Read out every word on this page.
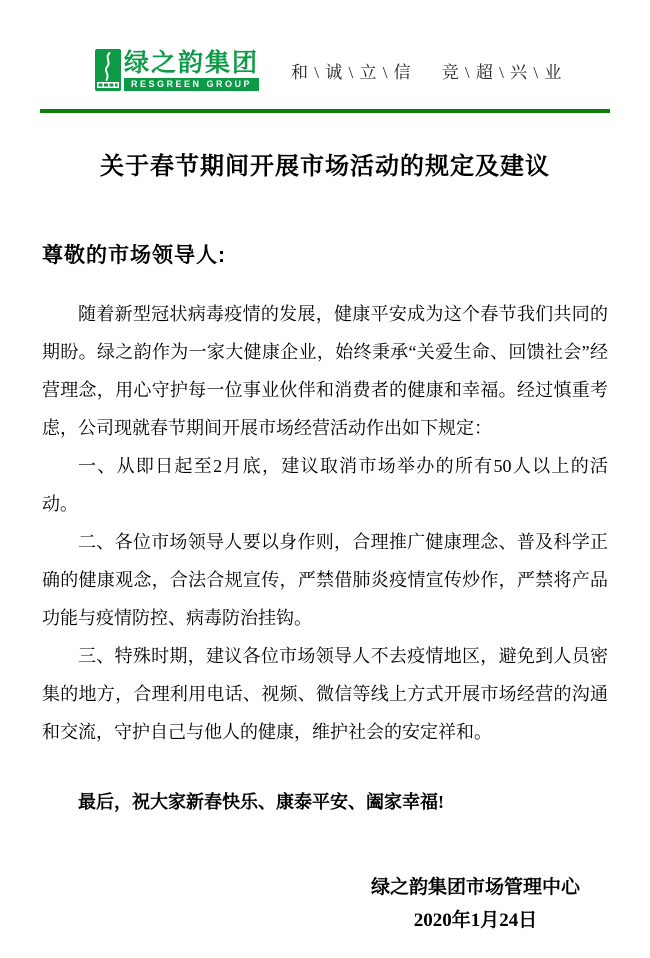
绿之韵集团
RESGREEN GROUP
和 \ 诚 \ 立 \ 信 竞 \ 超 \ 兴 \ 业
关于春节期间开展市场活动的规定及建议
尊敬的市场领导人:

随着新型冠状病毒疫情的发展，健康平安成为这个春节我们共同的期盼。绿之韵作为一家大健康企业，始终秉承“关爱生命、回馈社会”经营理念，用心守护每一位事业伙伴和消费者的健康和幸福。经过慎重考虑，公司现就春节期间开展市场经营活动作出如下规定：

一、从即日起至2月底，建议取消市场举办的所有50人以上的活动。

二、各位市场领导人要以身作则，合理推广健康理念、普及科学正确的健康观念，合法合规宣传，严禁借肺炎疫情宣传炒作，严禁将产品功能与疫情防控、病毒防治挂钩。

三、特殊时期，建议各位市场领导人不去疫情地区，避免到人员密集的地方，合理利用电话、视频、微信等线上方式开展市场经营的沟通和交流，守护自己与他人的健康，维护社会的安定祥和。

最后，祝大家新春快乐、康泰平安、阖家幸福!
绿之韵集团市场管理中心
2020年1月24日
